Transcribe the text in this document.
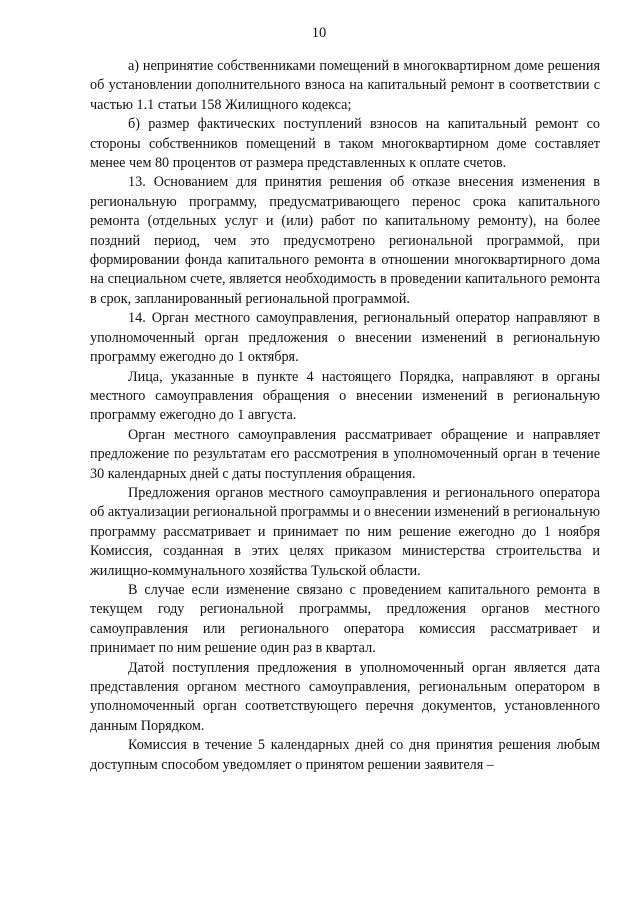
10

а) непринятие собственниками помещений в многоквартирном доме решения об установлении дополнительного взноса на капитальный ремонт в соответствии с частью 1.1 статьи 158 Жилищного кодекса;

б) размер фактических поступлений взносов на капитальный ремонт со стороны собственников помещений в таком многоквартирном доме составляет менее чем 80 процентов от размера представленных к оплате счетов.

13. Основанием для принятия решения об отказе внесения изменения в региональную программу, предусматривающего перенос срока капитального ремонта (отдельных услуг и (или) работ по капитальному ремонту), на более поздний период, чем это предусмотрено региональной программой, при формировании фонда капитального ремонта в отношении многоквартирного дома на специальном счете, является необходимость в проведении капитального ремонта в срок, запланированный региональной программой.

14. Орган местного самоуправления, региональный оператор направляют в уполномоченный орган предложения о внесении изменений в региональную программу ежегодно до 1 октября.

Лица, указанные в пункте 4 настоящего Порядка, направляют в органы местного самоуправления обращения о внесении изменений в региональную программу ежегодно до 1 августа.

Орган местного самоуправления рассматривает обращение и направляет предложение по результатам его рассмотрения в уполномоченный орган в течение 30 календарных дней с даты поступления обращения.

Предложения органов местного самоуправления и регионального оператора об актуализации региональной программы и о внесении изменений в региональную программу рассматривает и принимает по ним решение ежегодно до 1 ноября Комиссия, созданная в этих целях приказом министерства строительства и жилищно-коммунального хозяйства Тульской области.

В случае если изменение связано с проведением капитального ремонта в текущем году региональной программы, предложения органов местного самоуправления или регионального оператора комиссия рассматривает и принимает по ним решение один раз в квартал.

Датой поступления предложения в уполномоченный орган является дата представления органом местного самоуправления, региональным оператором в уполномоченный орган соответствующего перечня документов, установленного данным Порядком.

Комиссия в течение 5 календарных дней со дня принятия решения любым доступным способом уведомляет о принятом решении заявителя –
